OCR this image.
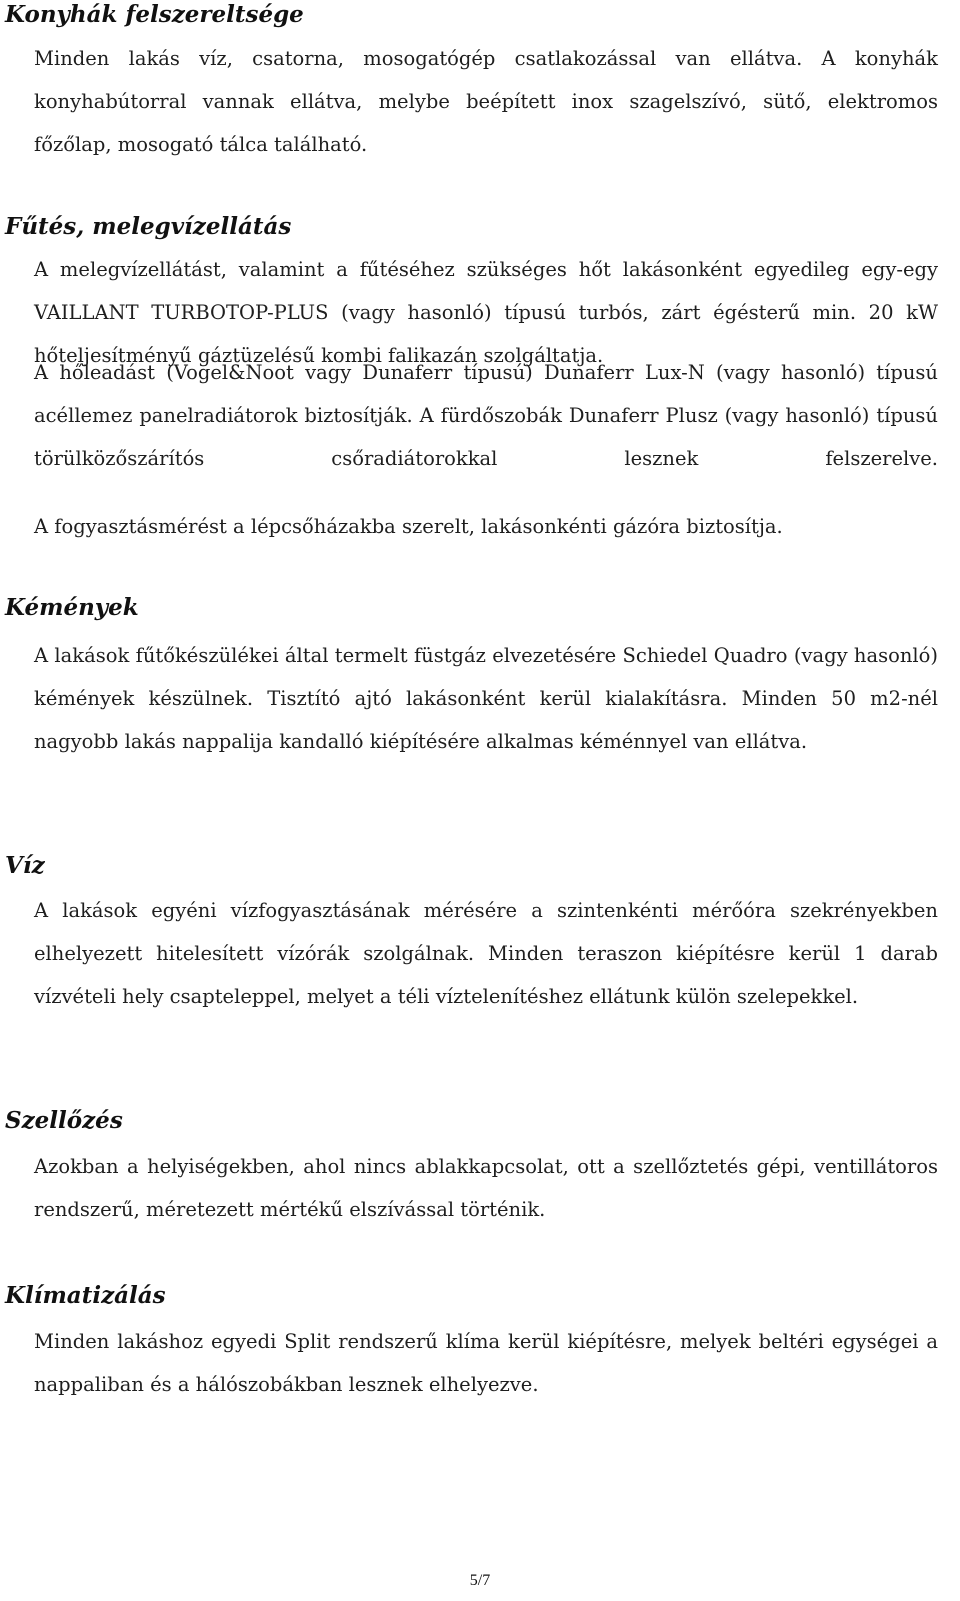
Konyhák felszereltsége

Minden lakás víz, csatorna, mosogatógép csatlakozással van ellátva. A konyhák konyhabútorral vannak ellátva, melybe beépített inox szagelszívó, sütő, elektromos főzőlap, mosogató tálca található.

Fűtés, melegvízellátás

A melegvízellátást, valamint a fűtéséhez szükséges hőt lakásonként egyedileg egy-egy VAILLANT TURBOTOP-PLUS (vagy hasonló) típusú turbós, zárt égésterű min. 20 kW hőteljesítményű gáztüzelésű kombi falikazán szolgáltatja.

A hőleadást (Vogel&Noot vagy Dunaferr típusú) Dunaferr Lux-N (vagy hasonló) típusú acéllemez panelradiátorok biztosítják. A fürdőszobák Dunaferr Plusz (vagy hasonló) típusú törülközőszárítós csőradiátorokkal lesznek felszerelve.

A fogyasztásmérést a lépcsőházakba szerelt, lakásonkénti gázóra biztosítja.

Kémények

A lakások fűtőkészülékei által termelt füstgáz elvezetésére Schiedel Quadro (vagy hasonló) kémények készülnek. Tisztító ajtó lakásonként kerül kialakításra. Minden 50 m2-nél nagyobb lakás nappalija kandalló kiépítésére alkalmas kéménnyel van ellátva.

Víz

A lakások egyéni vízfogyasztásának mérésére a szintenkénti mérőóra szekrényekben elhelyezett hitelesített vízórák szolgálnak. Minden teraszon kiépítésre kerül 1 darab vízvételi hely csapteleppel, melyet a téli víztelenítéshez ellátunk külön szelepekkel.

Szellőzés

Azokban a helyiségekben, ahol nincs ablakkapcsolat, ott a szellőztetés gépi, ventillátoros rendszerű, méretezett mértékű elszívással történik.

Klímatizálás

Minden lakáshoz egyedi Split rendszerű klíma kerül kiépítésre, melyek beltéri egységei a nappaliban és a hálószobákban lesznek elhelyezve.

5/7
